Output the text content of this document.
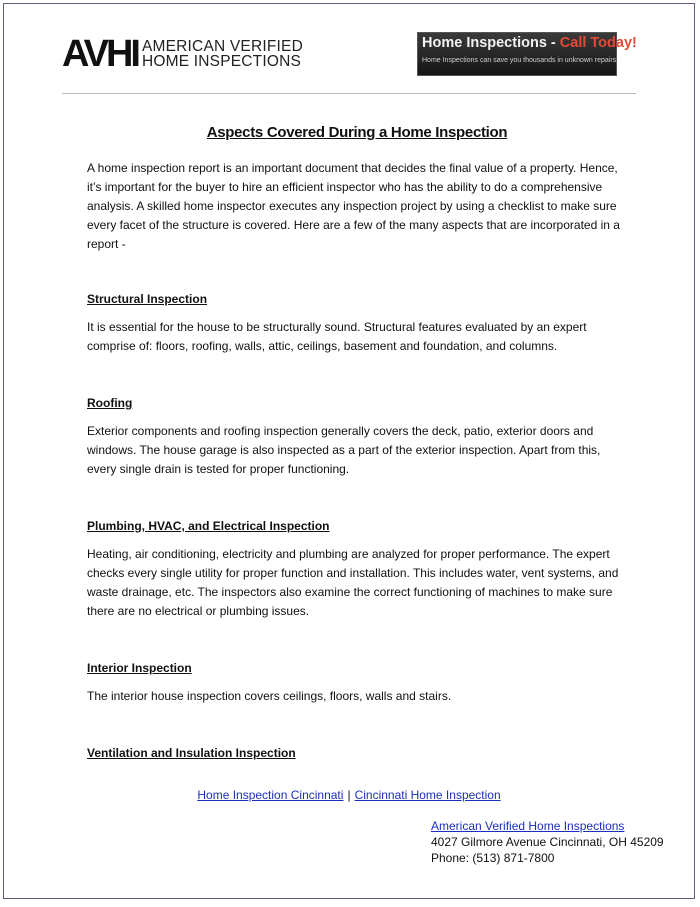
AVHI AMERICAN VERIFIED
HOME INSPECTIONS
Home Inspections - Call Today!
Home Inspections can save you thousands in unknown repairs.
Aspects Covered During a Home Inspection

A home inspection report is an important document that decides the final value of a property. Hence, it’s important for the buyer to hire an efficient inspector who has the ability to do a comprehensive analysis. A skilled home inspector executes any inspection project by using a checklist to make sure every facet of the structure is covered. Here are a few of the many aspects that are incorporated in a report -

Structural Inspection

It is essential for the house to be structurally sound. Structural features evaluated by an expert comprise of: floors, roofing, walls, attic, ceilings, basement and foundation, and columns.

Roofing

Exterior components and roofing inspection generally covers the deck, patio, exterior doors and windows. The house garage is also inspected as a part of the exterior inspection. Apart from this, every single drain is tested for proper functioning.

Plumbing, HVAC, and Electrical Inspection

Heating, air conditioning, electricity and plumbing are analyzed for proper performance. The expert checks every single utility for proper function and installation. This includes water, vent systems, and waste drainage, etc. The inspectors also examine the correct functioning of machines to make sure there are no electrical or plumbing issues.

Interior Inspection

The interior house inspection covers ceilings, floors, walls and stairs.

Ventilation and Insulation Inspection
Home Inspection Cincinnati | Cincinnati Home Inspection
American Verified Home Inspections
4027 Gilmore Avenue Cincinnati, OH 45209
Phone: (513) 871-7800
